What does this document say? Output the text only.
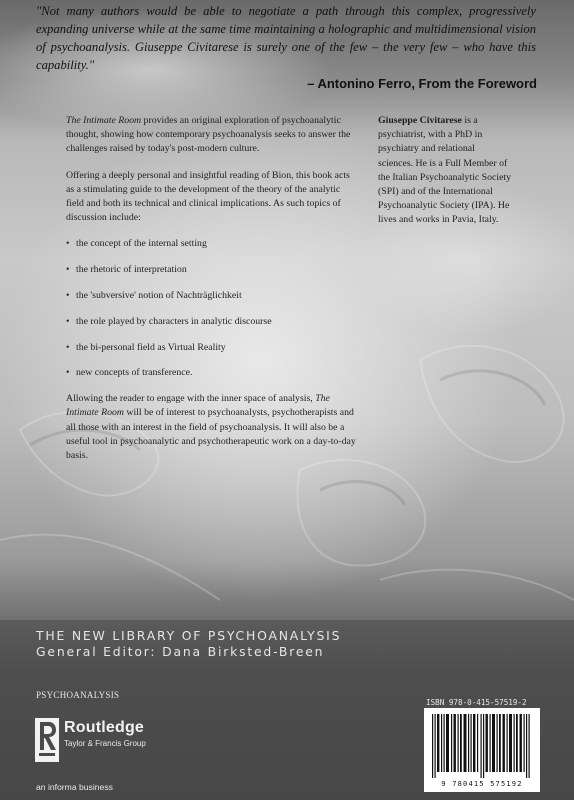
"Not many authors would be able to negotiate a path through this complex, progressively expanding universe while at the same time maintaining a holographic and multidimensional vision of psychoanalysis. Giuseppe Civitarese is surely one of the few – the very few – who have this capability."

– Antonino Ferro, From the Foreword

The Intimate Room provides an original exploration of psychoanalytic thought, showing how contemporary psychoanalysis seeks to answer the challenges raised by today's post-modern culture.

Offering a deeply personal and insightful reading of Bion, this book acts as a stimulating guide to the development of the theory of the analytic field and both its technical and clinical implications. As such topics of discussion include:

• the concept of the internal setting
• the rhetoric of interpretation
• the 'subversive' notion of Nachträglichkeit
• the role played by characters in analytic discourse
• the bi-personal field as Virtual Reality
• new concepts of transference.

Allowing the reader to engage with the inner space of analysis, The Intimate Room will be of interest to psychoanalysts, psychotherapists and all those with an interest in the field of psychoanalysis. It will also be a useful tool in psychoanalytic and psychotherapeutic work on a day-to-day basis.

Giuseppe Civitarese is a psychiatrist, with a PhD in psychiatry and relational sciences. He is a Full Member of the Italian Psychoanalytic Society (SPI) and of the International Psychoanalytic Society (IPA). He lives and works in Pavia, Italy.
THE NEW LIBRARY OF PSYCHOANALYSIS
General Editor: Dana Birksted-Breen
PSYCHOANALYSIS
ISBN 978-0-415-57519-2
9 780415 575192
Routledge
Taylor & Francis Group
an informa business
